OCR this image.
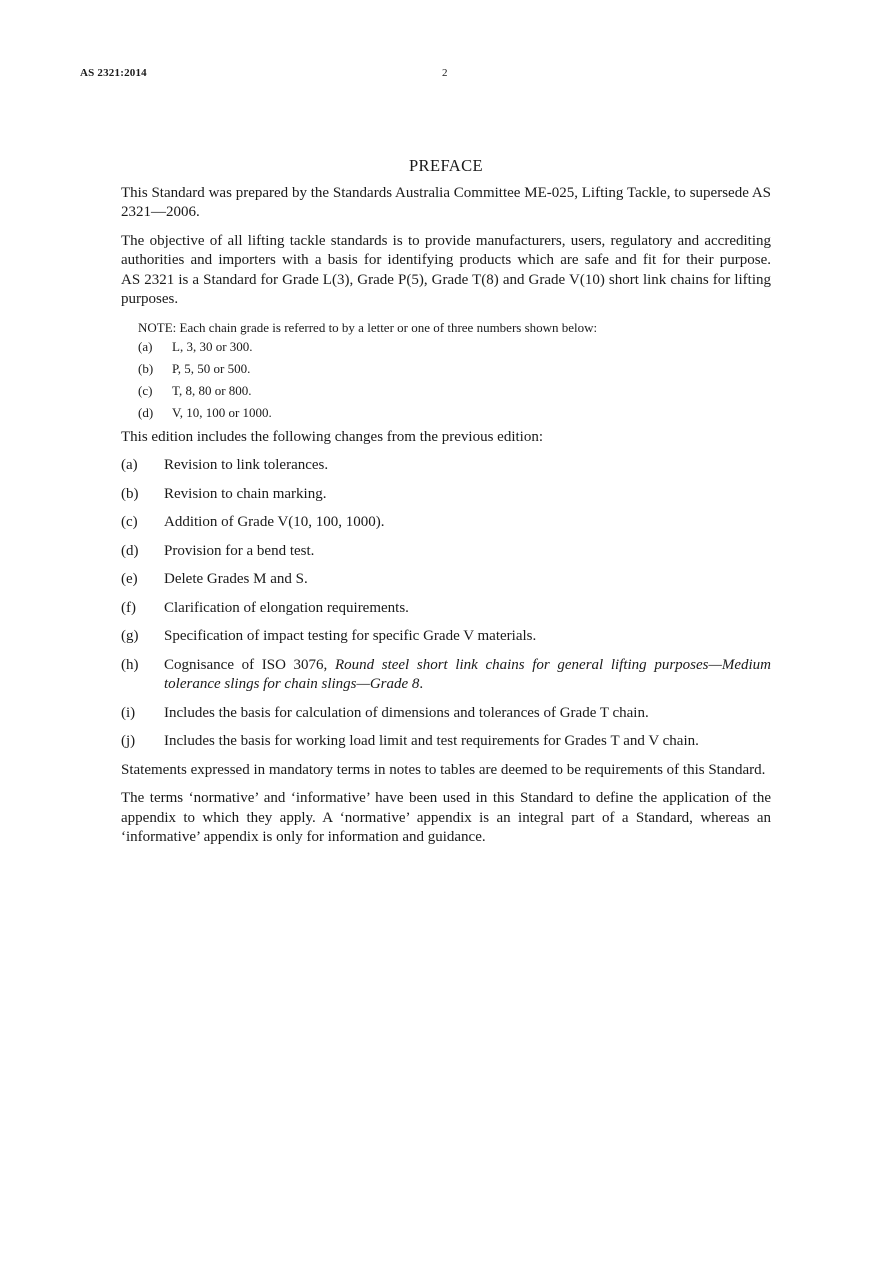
AS 2321:2014	2
PREFACE

This Standard was prepared by the Standards Australia Committee ME-025, Lifting Tackle, to supersede AS 2321—2006.

The objective of all lifting tackle standards is to provide manufacturers, users, regulatory and accrediting authorities and importers with a basis for identifying products which are safe and fit for their purpose. AS 2321 is a Standard for Grade L(3), Grade P(5), Grade T(8) and Grade V(10) short link chains for lifting purposes.

NOTE: Each chain grade is referred to by a letter or one of three numbers shown below:

(a)	L, 3, 30 or 300.
(b)	P, 5, 50 or 500.
(c)	T, 8, 80 or 800.
(d)	V, 10, 100 or 1000.

This edition includes the following changes from the previous edition:

(a)	Revision to link tolerances.
(b)	Revision to chain marking.
(c)	Addition of Grade V(10, 100, 1000).
(d)	Provision for a bend test.
(e)	Delete Grades M and S.
(f)	Clarification of elongation requirements.
(g)	Specification of impact testing for specific Grade V materials.
(h)	Cognisance of ISO 3076, Round steel short link chains for general lifting purposes—Medium tolerance slings for chain slings—Grade 8.
(i)	Includes the basis for calculation of dimensions and tolerances of Grade T chain.
(j)	Includes the basis for working load limit and test requirements for Grades T and V chain.

Statements expressed in mandatory terms in notes to tables are deemed to be requirements of this Standard.

The terms ‘normative’ and ‘informative’ have been used in this Standard to define the application of the appendix to which they apply. A ‘normative’ appendix is an integral part of a Standard, whereas an ‘informative’ appendix is only for information and guidance.
